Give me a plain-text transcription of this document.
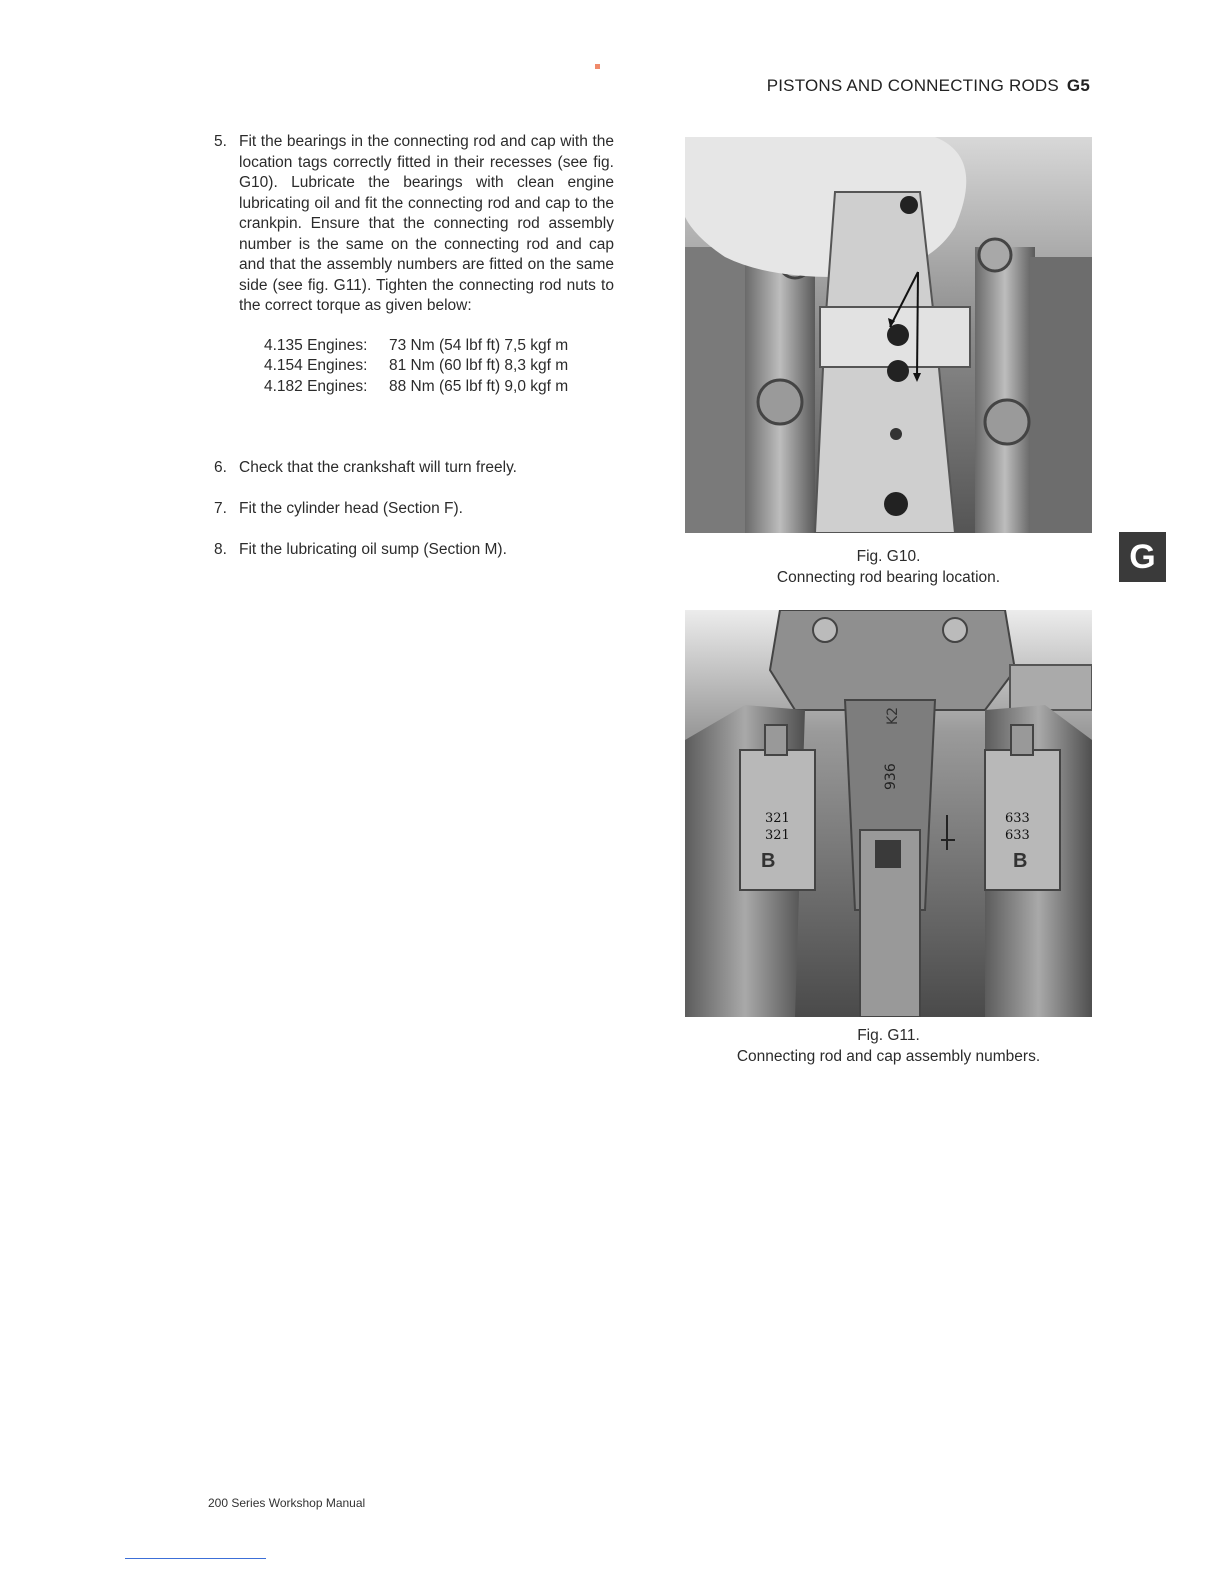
PISTONS AND CONNECTING RODS G5
5. Fit the bearings in the connecting rod and cap with the location tags correctly fitted in their recesses (see fig. G10). Lubricate the bearings with clean engine lubricating oil and fit the connecting rod and cap to the crankpin. Ensure that the connecting rod assembly number is the same on the connecting rod and cap and that the assembly numbers are fitted on the same side (see fig. G11). Tighten the connecting rod nuts to the correct torque as given below:
4.135 Engines:	73 Nm (54 lbf ft) 7,5 kgf m
4.154 Engines:	81 Nm (60 lbf ft) 8,3 kgf m
4.182 Engines:	88 Nm (65 lbf ft) 9,0 kgf m
6. Check that the crankshaft will turn freely.
7. Fit the cylinder head (Section F).
8. Fit the lubricating oil sump (Section M).	Fig. G10.
Connecting rod bearing location.
321
321
B
633
633
B
936
K2
Fig. G11.
Connecting rod and cap assembly numbers.
G
200 Series Workshop Manual
